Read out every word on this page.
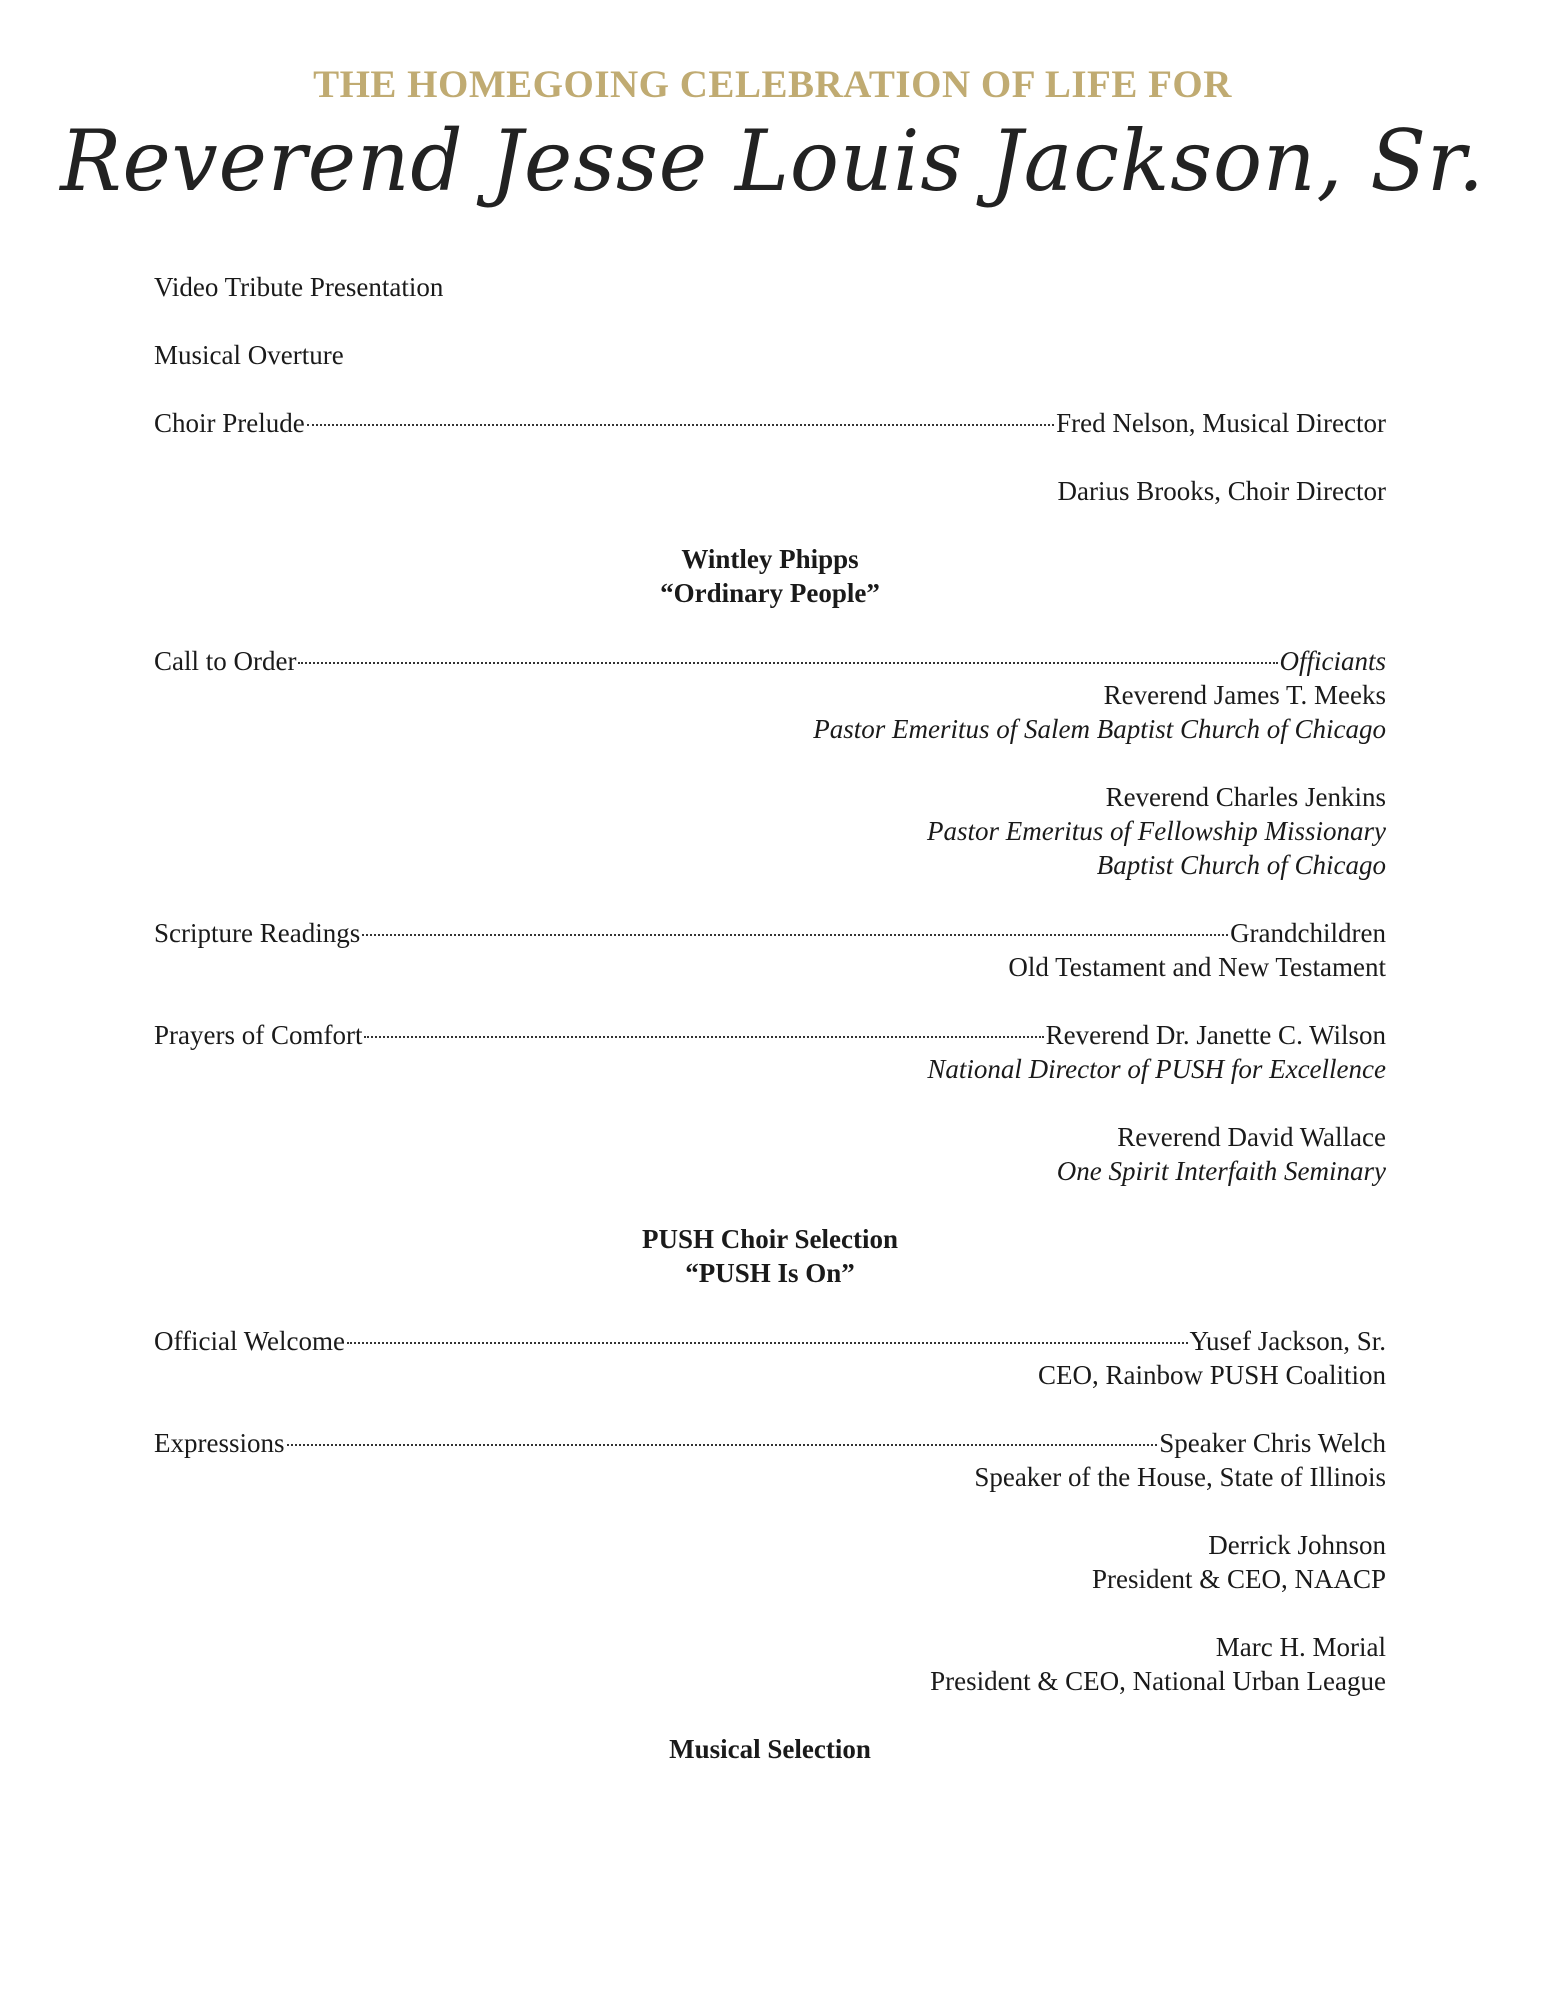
THE HOMEGOING CELEBRATION OF LIFE FOR
Reverend Jesse Louis Jackson, Sr.
Video Tribute Presentation
Musical Overture
Choir Prelude	Fred Nelson, Musical Director
Darius Brooks, Choir Director
Wintley Phipps
“Ordinary People”
Call to Order	Officiants
Reverend James T. Meeks
Pastor Emeritus of Salem Baptist Church of Chicago
Reverend Charles Jenkins
Pastor Emeritus of Fellowship Missionary
Baptist Church of Chicago
Scripture Readings	Grandchildren
Old Testament and New Testament
Prayers of Comfort	Reverend Dr. Janette C. Wilson
National Director of PUSH for Excellence
Reverend David Wallace
One Spirit Interfaith Seminary
PUSH Choir Selection
“PUSH Is On”
Official Welcome	Yusef Jackson, Sr.
CEO, Rainbow PUSH Coalition
Expressions	Speaker Chris Welch
Speaker of the House, State of Illinois
Derrick Johnson
President & CEO, NAACP
Marc H. Morial
President & CEO, National Urban League
Musical Selection
